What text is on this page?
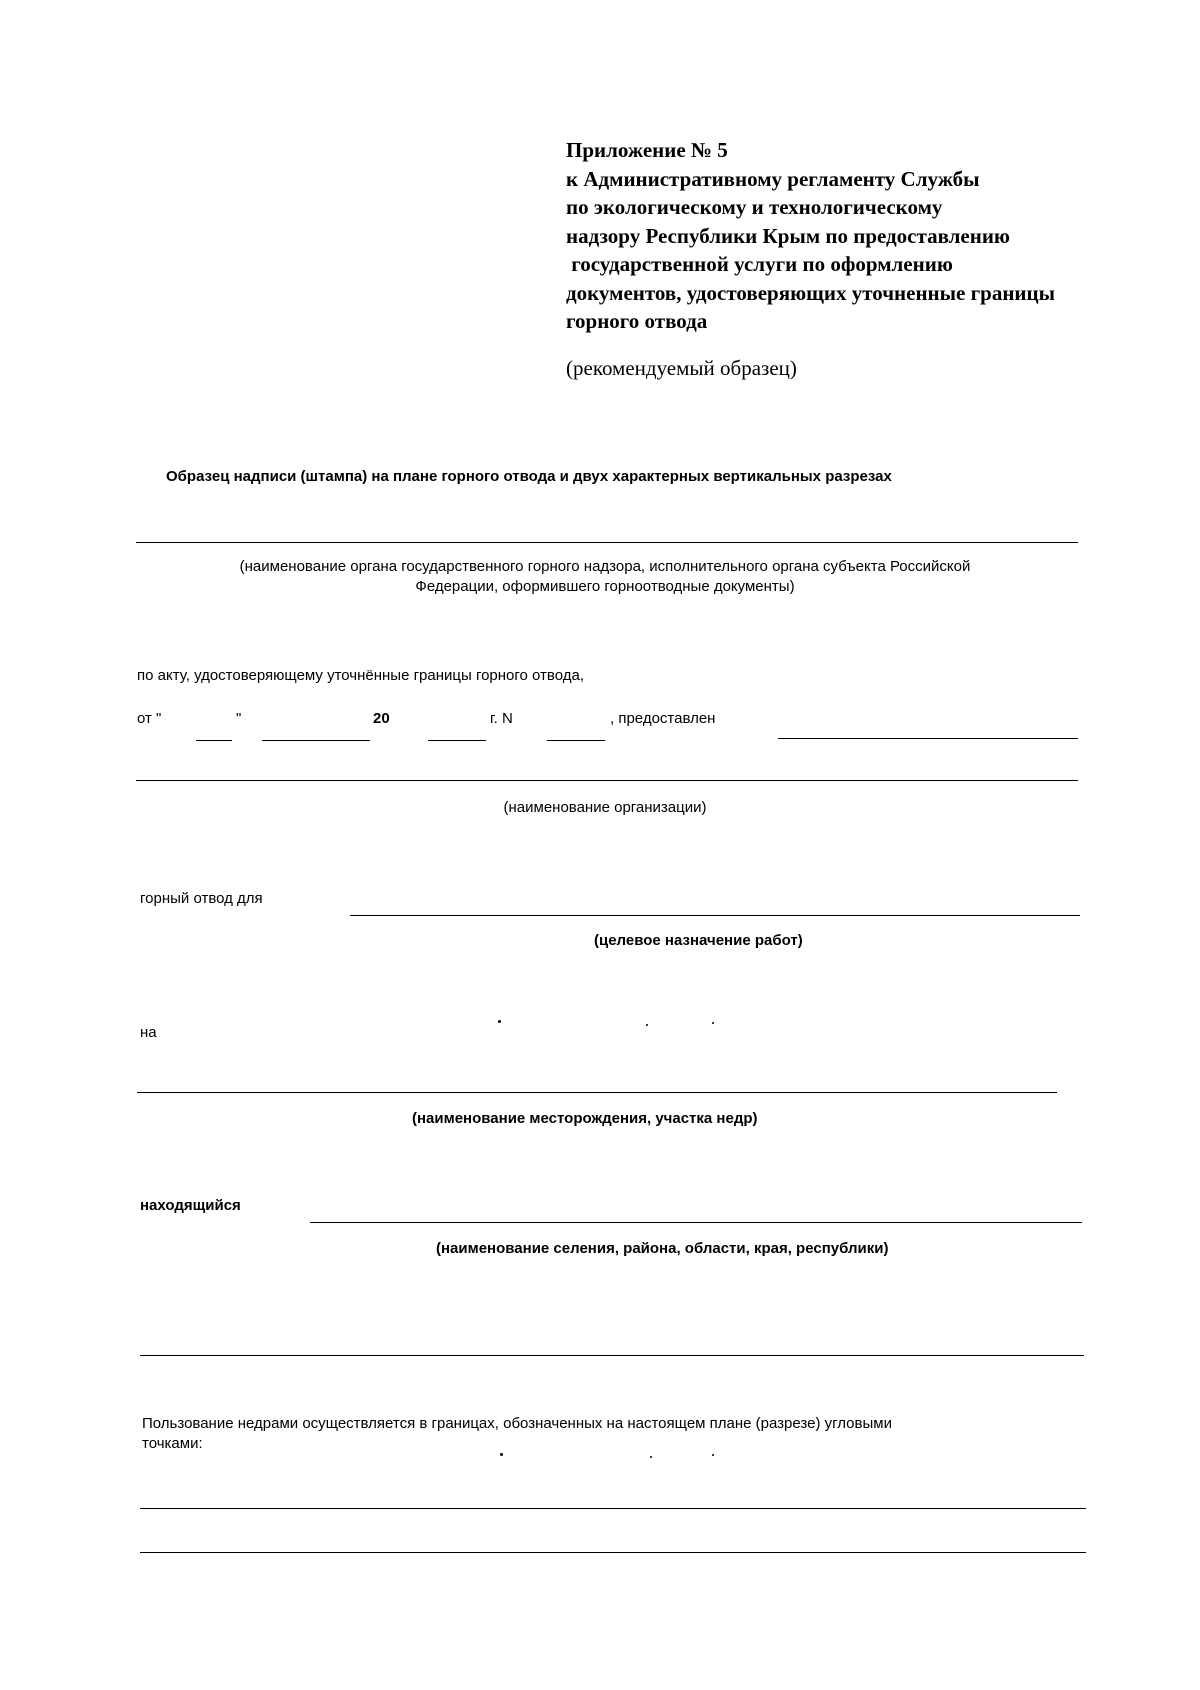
Приложение № 5
к Административному регламенту Службы
по экологическому и технологическому
надзору Республики Крым по предоставлению
государственной услуги по оформлению
документов, удостоверяющих уточненные границы
горного отвода
(рекомендуемый образец)
Образец надписи (штампа) на плане горного отвода и двух характерных вертикальных разрезах
(наименование органа государственного горного надзора, исполнительного органа субъекта Российской
Федерации, оформившего горноотводные документы)
по акту, удостоверяющему уточнённые границы горного отвода,
от "	"	20	г. N	, предоставлен
(наименование организации)
горный отвод для
(целевое назначение работ)
на
(наименование месторождения, участка недр)
находящийся
(наименование селения, района, области, края, республики)
Пользование недрами осуществляется в границах, обозначенных на настоящем плане (разрезе) угловыми
точками:
